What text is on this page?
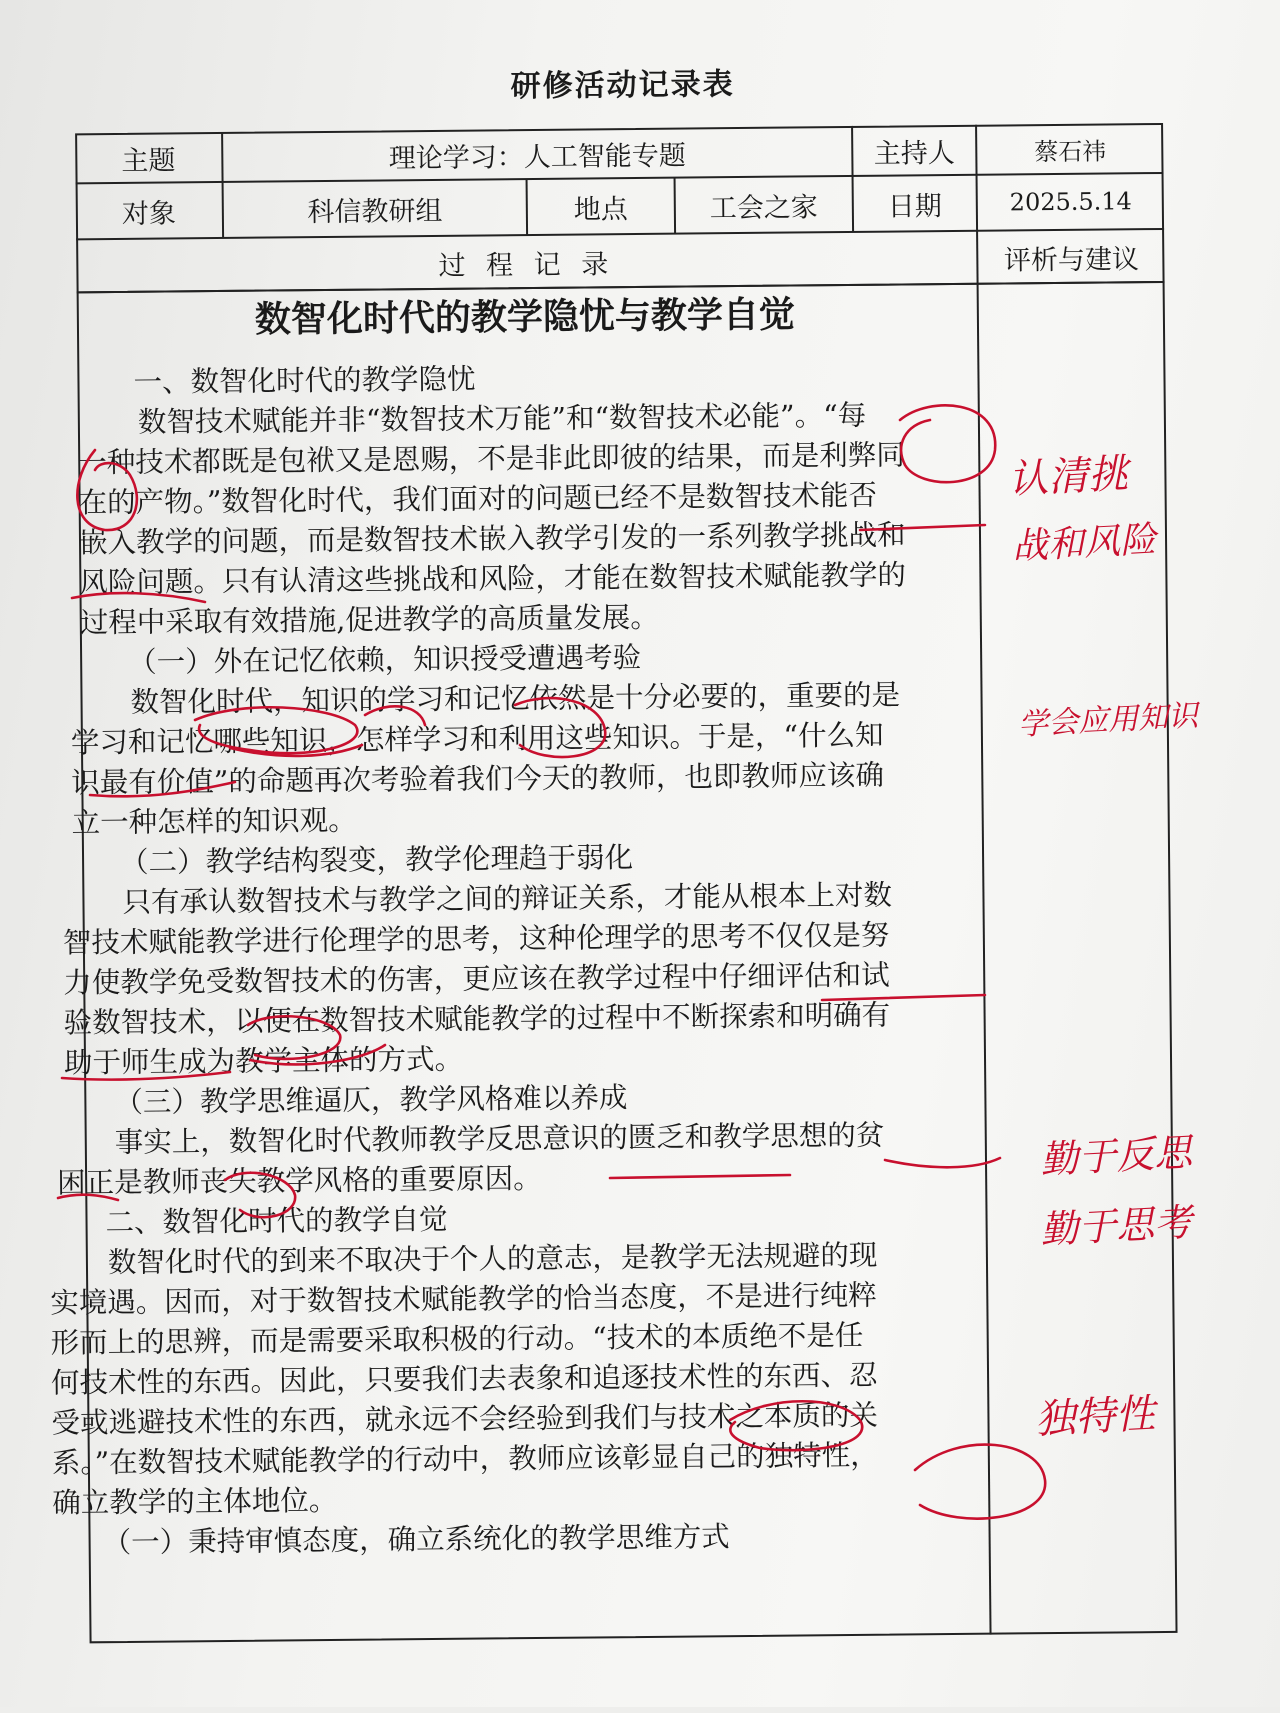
研修活动记录表
主题	理论学习：人工智能专题	主持人	蔡石祎
对象	科信教研组	地点	工会之家	日期	2025.5.14
过 程 记 录	评析与建议
数智化时代的教学隐忧与教学自觉
一、数智化时代的教学隐忧
数智技术赋能并非“数智技术万能”和“数智技术必能”。“每
一种技术都既是包袱又是恩赐，不是非此即彼的结果，而是利弊同
在的产物。”数智化时代，我们面对的问题已经不是数智技术能否
嵌入教学的问题，而是数智技术嵌入教学引发的一系列教学挑战和
风险问题。只有认清这些挑战和风险，才能在数智技术赋能教学的
过程中采取有效措施,促进教学的高质量发展。
（一）外在记忆依赖，知识授受遭遇考验
数智化时代，知识的学习和记忆依然是十分必要的，重要的是
学习和记忆哪些知识，怎样学习和利用这些知识。于是，“什么知
识最有价值”的命题再次考验着我们今天的教师，也即教师应该确
立一种怎样的知识观。
（二）教学结构裂变，教学伦理趋于弱化
只有承认数智技术与教学之间的辩证关系，才能从根本上对数
智技术赋能教学进行伦理学的思考，这种伦理学的思考不仅仅是努
力使教学免受数智技术的伤害，更应该在教学过程中仔细评估和试
验数智技术，以便在数智技术赋能教学的过程中不断探索和明确有
助于师生成为教学主体的方式。
（三）教学思维逼仄，教学风格难以养成
事实上，数智化时代教师教学反思意识的匮乏和教学思想的贫
困正是教师丧失教学风格的重要原因。
二、数智化时代的教学自觉
数智化时代的到来不取决于个人的意志，是教学无法规避的现
实境遇。因而，对于数智技术赋能教学的恰当态度，不是进行纯粹
形而上的思辨，而是需要采取积极的行动。“技术的本质绝不是任
何技术性的东西。因此，只要我们去表象和追逐技术性的东西、忍
受或逃避技术性的东西，就永远不会经验到我们与技术之本质的关
系。”在数智技术赋能教学的行动中，教师应该彰显自己的独特性，
确立教学的主体地位。
（一）秉持审慎态度，确立系统化的教学思维方式
认清挑
战和风险
学会应用知识
勤于反思
勤于思考
独特性
